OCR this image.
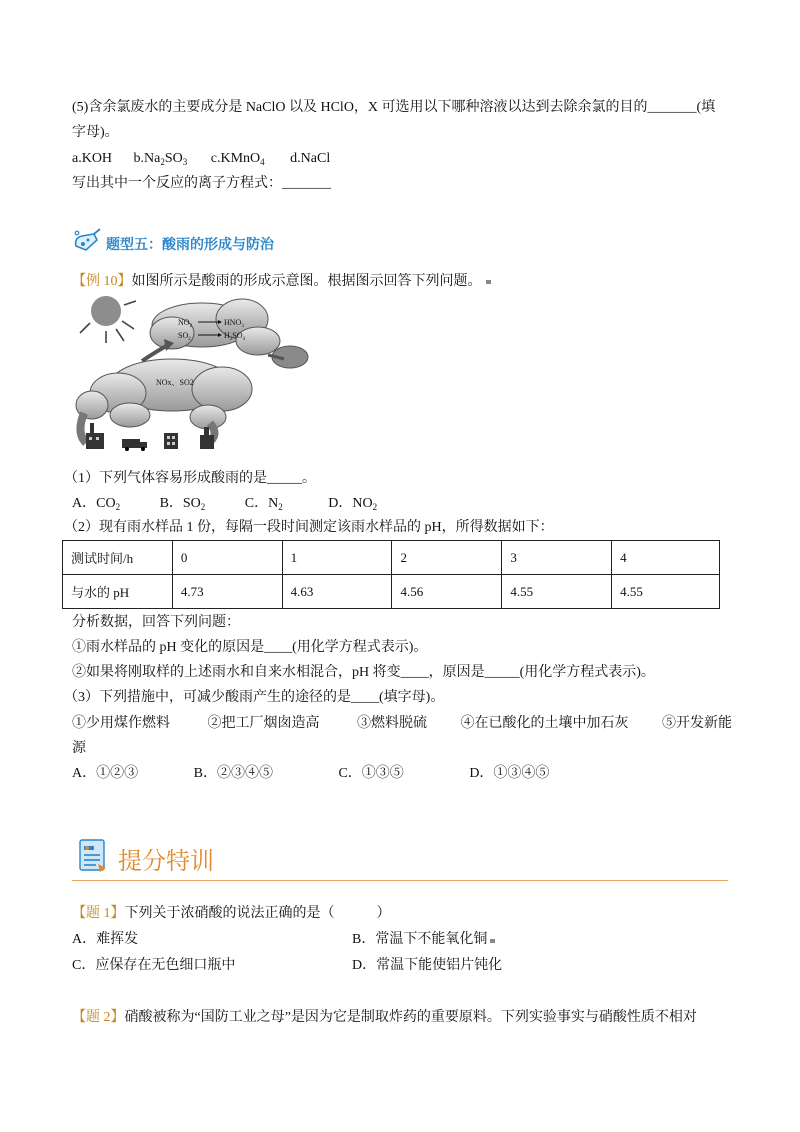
(5)含余氯废水的主要成分是 NaClO 以及 HClO，X 可选用以下哪种溶液以达到去除余氯的目的_______(填
字母)。
a.KOH $b.Na_2SO_3$ c.KMnO$_4$ d.NaCl
写出其中一个反应的离子方程式：_______
题型五：酸雨的形成与防治
【例 10】如图所示是酸雨的形成示意图。根据图示回答下列问题。
$NO_2$	$HNO_3$
$SO_2$	$H_2SO_4$
NOx、SO2
（1）下列气体容易形成酸雨的是_____。
A．$CO_2$	B．$SO_2$	C．$N_2$	D．$NO_2$
（2）现有雨水样品 1 份，每隔一段时间测定该雨水样品的 pH，所得数据如下：
测试时间/h	0	1	2	3	4
与水的 pH	4.73	4.63	4.56	4.55	4.55
分析数据，回答下列问题：
①雨水样品的 pH 变化的原因是____(用化学方程式表示)。
②如果将刚取样的上述雨水和自来水相混合，pH 将变____，原因是_____(用化学方程式表示)。
（3）下列措施中，可减少酸雨产生的途径的是____(填字母)。
①少用煤作燃料	②把工厂烟囱造高	③燃料脱硫 ④在已酸化的土壤中加石灰 ⑤开发新能
源
A．①②③	B．②③④⑤	C．①③⑤	D．①③④⑤
提分特训
【题 1】下列关于浓硝酸的说法正确的是（　　　）
A．难挥发	B．常温下不能氧化铜
C．应保存在无色细口瓶中	D．常温下能使铝片钝化
【题 2】硝酸被称为“国防工业之母”是因为它是制取炸药的重要原料。下列实验事实与硝酸性质不相对
